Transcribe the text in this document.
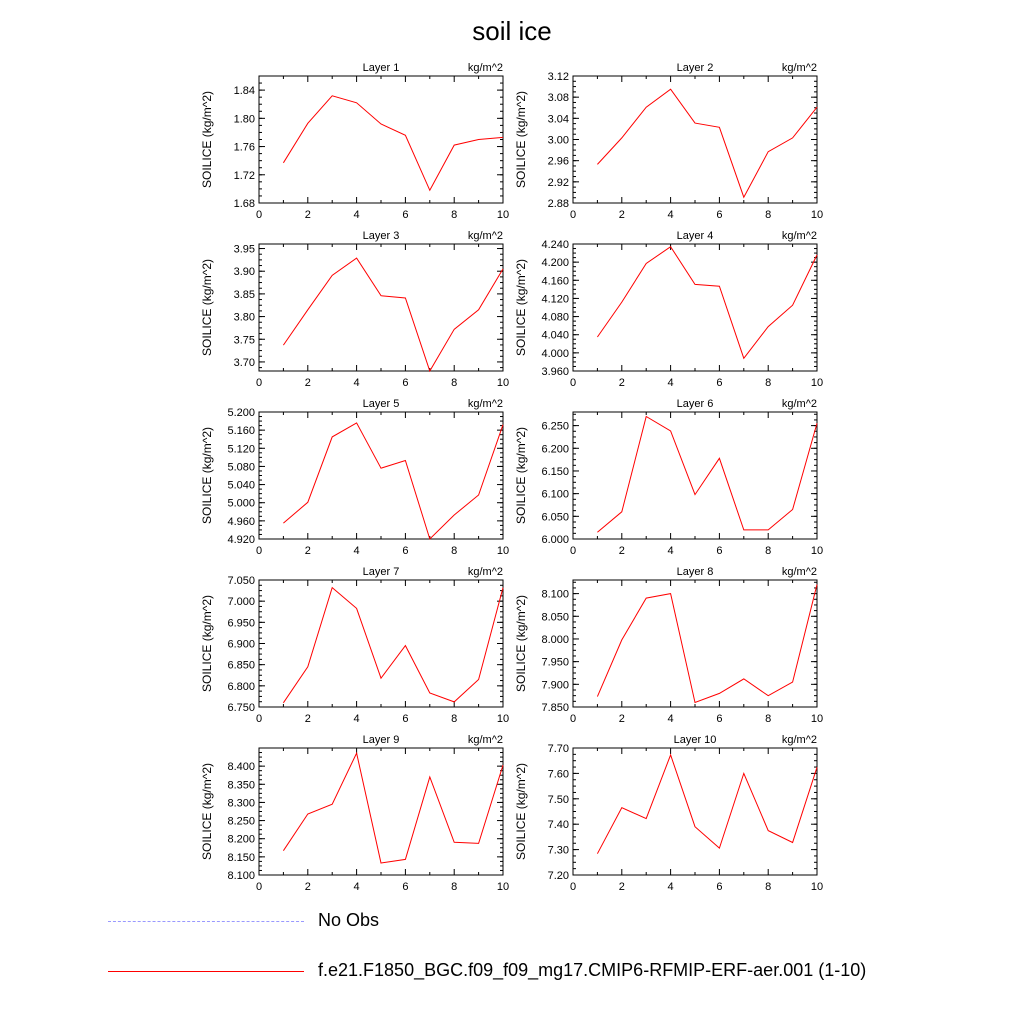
soil ice
Layer 1	kg/m^2
SOILICE (kg/m^2)
0	2	4	6	8	10
1.68
1.72
1.76
1.80
1.84
Layer 2	kg/m^2
SOILICE (kg/m^2)
0	2	4	6	8	10
2.88
2.92
2.96
3.00
3.04
3.08
3.12
Layer 3	kg/m^2
SOILICE (kg/m^2)
0	2	4	6	8	10
3.70
3.75
3.80
3.85
3.90
3.95
Layer 4	kg/m^2
SOILICE (kg/m^2)
0	2	4	6	8	10
3.960
4.000
4.040
4.080
4.120
4.160
4.200
4.240
Layer 5	kg/m^2
SOILICE (kg/m^2)
0	2	4	6	8	10
4.920
4.960
5.000
5.040
5.080
5.120
5.160
5.200
Layer 6	kg/m^2
SOILICE (kg/m^2)
0	2	4	6	8	10
6.000
6.050
6.100
6.150
6.200
6.250
Layer 7	kg/m^2
SOILICE (kg/m^2)
0	2	4	6	8	10
6.750
6.800
6.850
6.900
6.950
7.000
7.050
Layer 8	kg/m^2
SOILICE (kg/m^2)
0	2	4	6	8	10
7.850
7.900
7.950
8.000
8.050
8.100
Layer 9	kg/m^2
SOILICE (kg/m^2)
0	2	4	6	8	10
8.100
8.150
8.200
8.250
8.300
8.350
8.400
Layer 10	kg/m^2
SOILICE (kg/m^2)
0	2	4	6	8	10
7.20
7.30
7.40
7.50
7.60
7.70
No Obs
f.e21.F1850_BGC.f09_f09_mg17.CMIP6-RFMIP-ERF-aer.001 (1-10)
